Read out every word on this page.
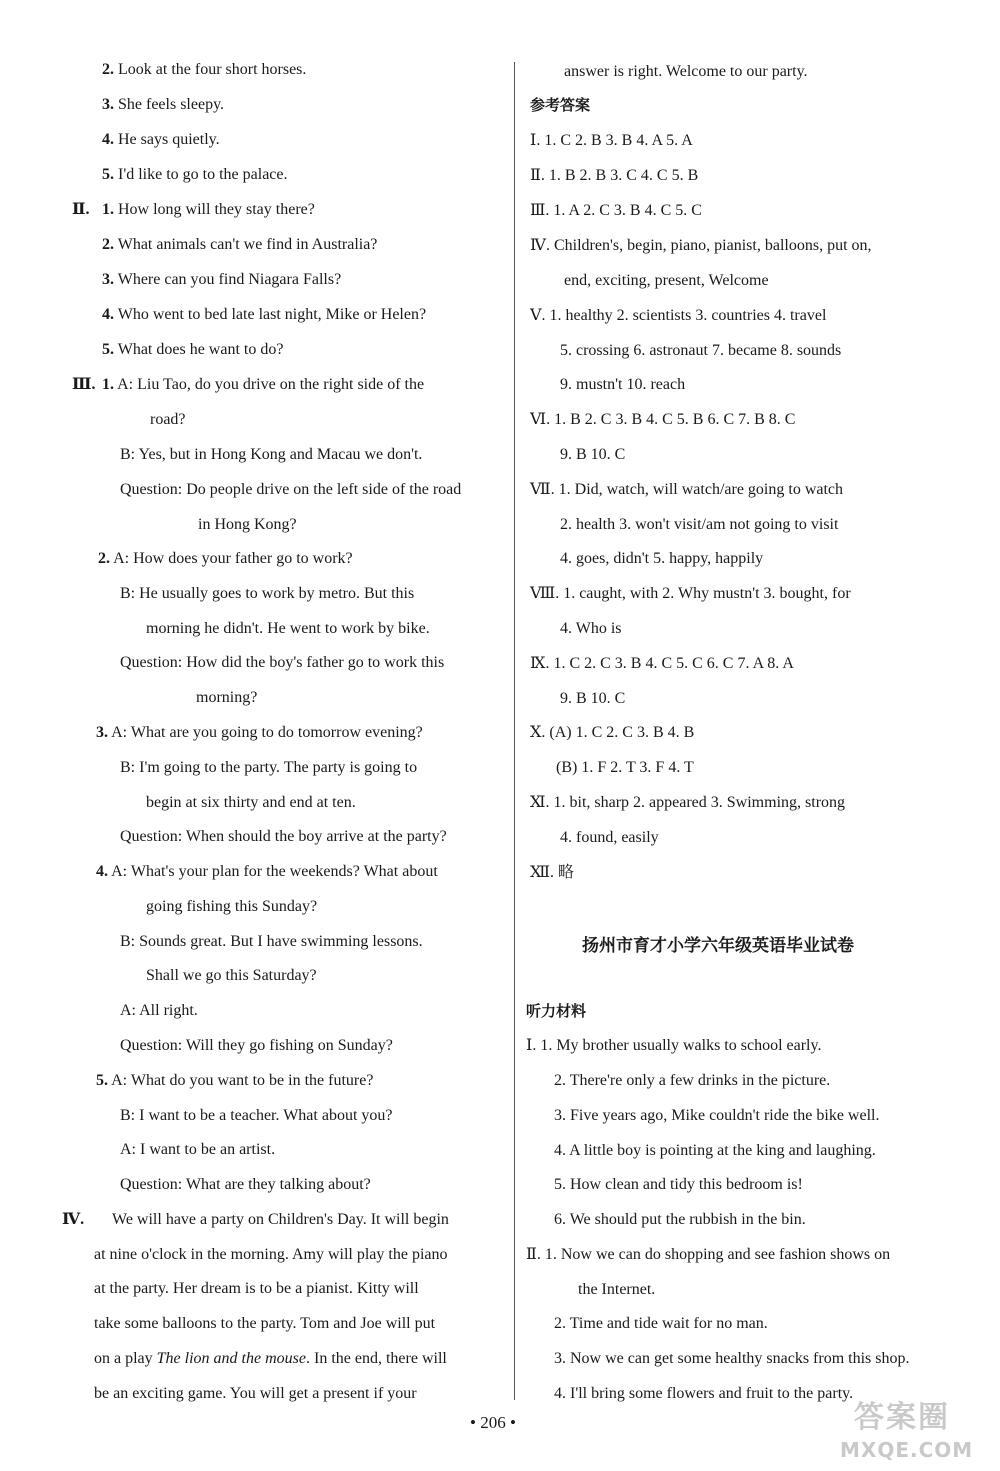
2. Look at the four short horses.
3. She feels sleepy.
4. He says quietly.
5. I'd like to go to the palace.
Ⅱ. 1. How long will they stay there?
2. What animals can't we find in Australia?
3. Where can you find Niagara Falls?
4. Who went to bed late last night, Mike or Helen?
5. What does he want to do?
Ⅲ. 1. A: Liu Tao, do you drive on the right side of the
road?
B: Yes, but in Hong Kong and Macau we don't.
Question: Do people drive on the left side of the road
in Hong Kong?
2. A: How does your father go to work?
B: He usually goes to work by metro. But this
morning he didn't. He went to work by bike.
Question: How did the boy's father go to work this
morning?
3. A: What are you going to do tomorrow evening?
B: I'm going to the party. The party is going to
begin at six thirty and end at ten.
Question: When should the boy arrive at the party?
4. A: What's your plan for the weekends? What about
going fishing this Sunday?
B: Sounds great. But I have swimming lessons.
Shall we go this Saturday?
A: All right.
Question: Will they go fishing on Sunday?
5. A: What do you want to be in the future?
B: I want to be a teacher. What about you?
A: I want to be an artist.
Question: What are they talking about?
Ⅳ. We will have a party on Children's Day. It will begin
at nine o'clock in the morning. Amy will play the piano
at the party. Her dream is to be a pianist. Kitty will
take some balloons to the party. Tom and Joe will put
on a play The lion and the mouse. In the end, there will
be an exciting game. You will get a present if your
answer is right. Welcome to our party.
参考答案
Ⅰ. 1. C 2. B 3. B 4. A 5. A
Ⅱ. 1. B 2. B 3. C 4. C 5. B
Ⅲ. 1. A 2. C 3. B 4. C 5. C
Ⅳ. Children's, begin, piano, pianist, balloons, put on,
end, exciting, present, Welcome
Ⅴ. 1. healthy 2. scientists 3. countries 4. travel
5. crossing 6. astronaut 7. became 8. sounds
9. mustn't 10. reach
Ⅵ. 1. B 2. C 3. B 4. C 5. B 6. C 7. B 8. C
9. B 10. C
Ⅶ. 1. Did, watch, will watch/are going to watch
2. health 3. won't visit/am not going to visit
4. goes, didn't 5. happy, happily
Ⅷ. 1. caught, with 2. Why mustn't 3. bought, for
4. Who is
Ⅸ. 1. C 2. C 3. B 4. C 5. C 6. C 7. A 8. A
9. B 10. C
Ⅹ. (A) 1. C 2. C 3. B 4. B
(B) 1. F 2. T 3. F 4. T
Ⅺ. 1. bit, sharp 2. appeared 3. Swimming, strong
4. found, easily
Ⅻ. 略
扬州市育才小学六年级英语毕业试卷
听力材料
Ⅰ. 1. My brother usually walks to school early.
2. There're only a few drinks in the picture.
3. Five years ago, Mike couldn't ride the bike well.
4. A little boy is pointing at the king and laughing.
5. How clean and tidy this bedroom is!
6. We should put the rubbish in the bin.
Ⅱ. 1. Now we can do shopping and see fashion shows on
the Internet.
2. Time and tide wait for no man.
3. Now we can get some healthy snacks from this shop.
4. I'll bring some flowers and fruit to the party.
• 206 •	答案圈
MXQE.COM
